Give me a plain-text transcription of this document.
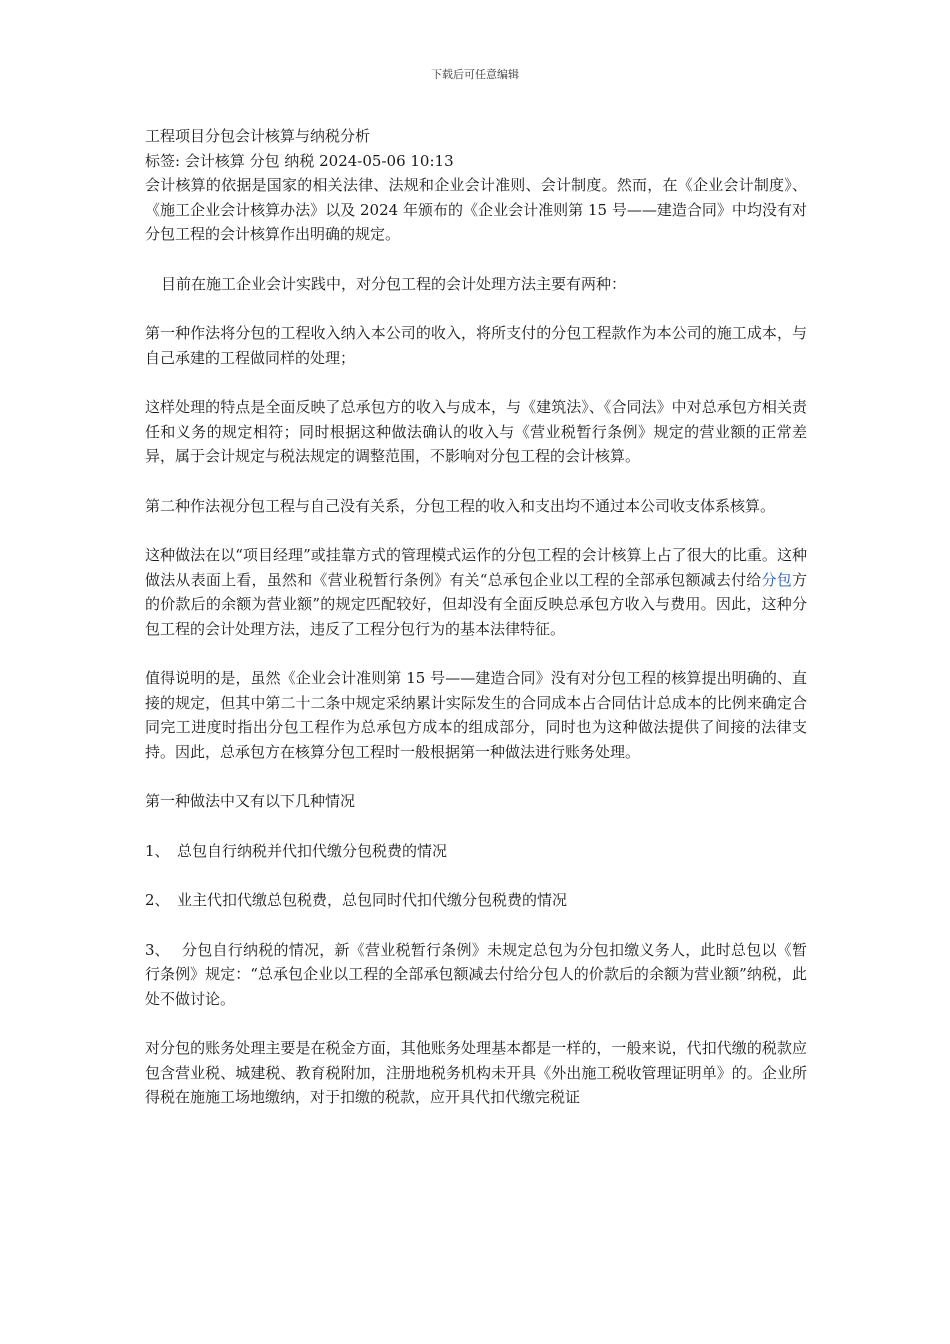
下载后可任意编辑

工程项目分包会计核算与纳税分析

标签: 会计核算 分包 纳税 2024-05-06 10:13

会计核算的依据是国家的相关法律、法规和企业会计准则、会计制度。然而，在《企业会计制度》、《施工企业会计核算办法》以及 2024 年颁布的《企业会计准则第 15 号——建造合同》中均没有对分包工程的会计核算作出明确的规定。

目前在施工企业会计实践中，对分包工程的会计处理方法主要有两种：

第一种作法将分包的工程收入纳入本公司的收入，将所支付的分包工程款作为本公司的施工成本，与自己承建的工程做同样的处理；

这样处理的特点是全面反映了总承包方的收入与成本，与《建筑法》、《合同法》中对总承包方相关责任和义务的规定相符；同时根据这种做法确认的收入与《营业税暂行条例》规定的营业额的正常差异，属于会计规定与税法规定的调整范围，不影响对分包工程的会计核算。

第二种作法视分包工程与自己没有关系，分包工程的收入和支出均不通过本公司收支体系核算。

这种做法在以“项目经理”或挂靠方式的管理模式运作的分包工程的会计核算上占了很大的比重。这种做法从表面上看，虽然和《营业税暂行条例》有关“总承包企业以工程的全部承包额减去付给分包方的价款后的余额为营业额”的规定匹配较好，但却没有全面反映总承包方收入与费用。因此，这种分包工程的会计处理方法，违反了工程分包行为的基本法律特征。

值得说明的是，虽然《企业会计准则第 15 号——建造合同》没有对分包工程的核算提出明确的、直接的规定，但其中第二十二条中规定采纳累计实际发生的合同成本占合同估计总成本的比例来确定合同完工进度时指出分包工程作为总承包方成本的组成部分，同时也为这种做法提供了间接的法律支持。因此，总承包方在核算分包工程时一般根据第一种做法进行账务处理。

第一种做法中又有以下几种情况

1、 总包自行纳税并代扣代缴分包税费的情况

2、 业主代扣代缴总包税费，总包同时代扣代缴分包税费的情况

3、 分包自行纳税的情况，新《营业税暂行条例》未规定总包为分包扣缴义务人，此时总包以《暂行条例》规定：“总承包企业以工程的全部承包额减去付给分包人的价款后的余额为营业额”纳税，此处不做讨论。

对分包的账务处理主要是在税金方面，其他账务处理基本都是一样的，一般来说，代扣代缴的税款应包含营业税、城建税、教育税附加，注册地税务机构未开具《外出施工税收管理证明单》的。企业所得税在施施工场地缴纳，对于扣缴的税款，应开具代扣代缴完税证
